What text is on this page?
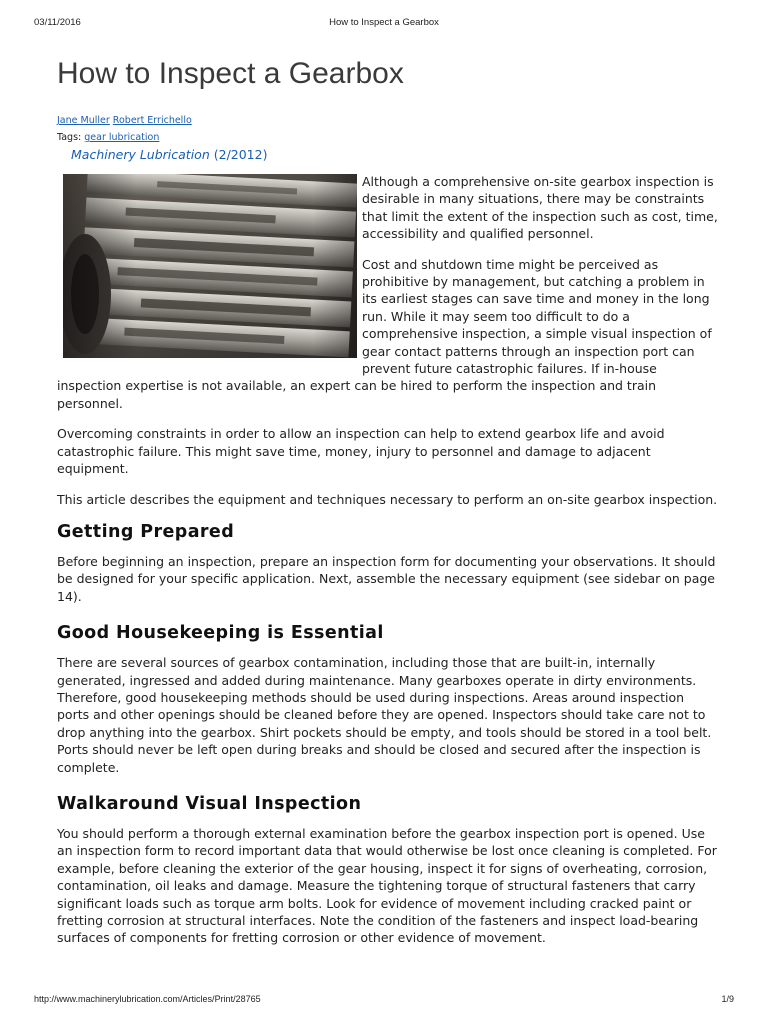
03/11/2016	How to Inspect a Gearbox
How to Inspect a Gearbox
Jane Muller Robert Errichello
Tags: gear lubrication
Machinery Lubrication (2/2012)

Although a comprehensive on-site gearbox inspection is desirable in many situations, there may be constraints that limit the extent of the inspection such as cost, time, accessibility and qualified personnel.

Cost and shutdown time might be perceived as prohibitive by management, but catching a problem in its earliest stages can save time and money in the long run. While it may seem too difficult to do a comprehensive inspection, a simple visual inspection of gear contact patterns through an inspection port can prevent future catastrophic failures. If in-house inspection expertise is not available, an expert can be hired to perform the inspection and train personnel.

Overcoming constraints in order to allow an inspection can help to extend gearbox life and avoid catastrophic failure. This might save time, money, injury to personnel and damage to adjacent equipment.

This article describes the equipment and techniques necessary to perform an on-site gearbox inspection.

Getting Prepared

Before beginning an inspection, prepare an inspection form for documenting your observations. It should be designed for your specific application. Next, assemble the necessary equipment (see sidebar on page 14).

Good Housekeeping is Essential

There are several sources of gearbox contamination, including those that are built-in, internally generated, ingressed and added during maintenance. Many gearboxes operate in dirty environments. Therefore, good housekeeping methods should be used during inspections. Areas around inspection ports and other openings should be cleaned before they are opened. Inspectors should take care not to drop anything into the gearbox. Shirt pockets should be empty, and tools should be stored in a tool belt. Ports should never be left open during breaks and should be closed and secured after the inspection is complete.

Walkaround Visual Inspection

You should perform a thorough external examination before the gearbox inspection port is opened. Use an inspection form to record important data that would otherwise be lost once cleaning is completed. For example, before cleaning the exterior of the gear housing, inspect it for signs of overheating, corrosion, contamination, oil leaks and damage. Measure the tightening torque of structural fasteners that carry significant loads such as torque arm bolts. Look for evidence of movement including cracked paint or fretting corrosion at structural interfaces. Note the condition of the fasteners and inspect load-bearing surfaces of components for fretting corrosion or other evidence of movement.

http://www.machinerylubrication.com/Articles/Print/28765	1/9
